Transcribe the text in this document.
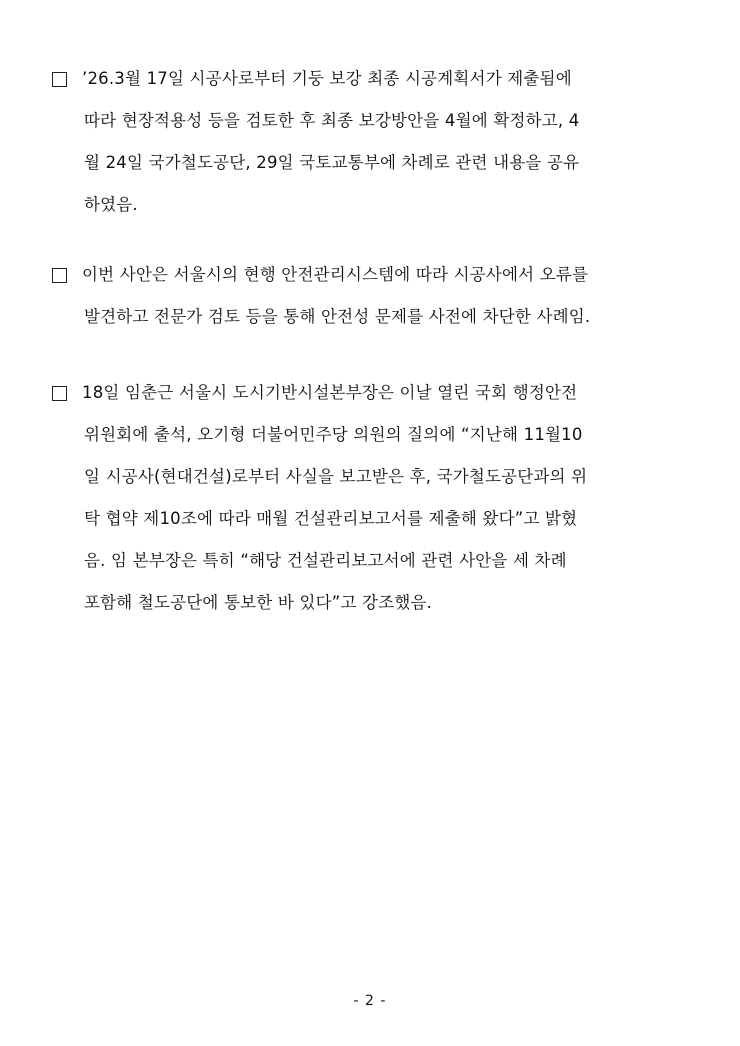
’26.3월 17일 시공사로부터 기둥 보강 최종 시공계획서가 제출됨에
따라 현장적용성 등을 검토한 후 최종 보강방안을 4월에 확정하고, 4
월 24일 국가철도공단, 29일 국토교통부에 차례로 관련 내용을 공유
하였음.
이번 사안은 서울시의 현행 안전관리시스템에 따라 시공사에서 오류를
발견하고 전문가 검토 등을 통해 안전성 문제를 사전에 차단한 사례임.
18일 임춘근 서울시 도시기반시설본부장은 이날 열린 국회 행정안전
위원회에 출석, 오기형 더불어민주당 의원의 질의에 “지난해 11월10
일 시공사(현대건설)로부터 사실을 보고받은 후, 국가철도공단과의 위
탁 협약 제10조에 따라 매월 건설관리보고서를 제출해 왔다”고 밝혔
음. 임 본부장은 특히 “해당 건설관리보고서에 관련 사안을 세 차례
포함해 철도공단에 통보한 바 있다”고 강조했음.
- 2 -
